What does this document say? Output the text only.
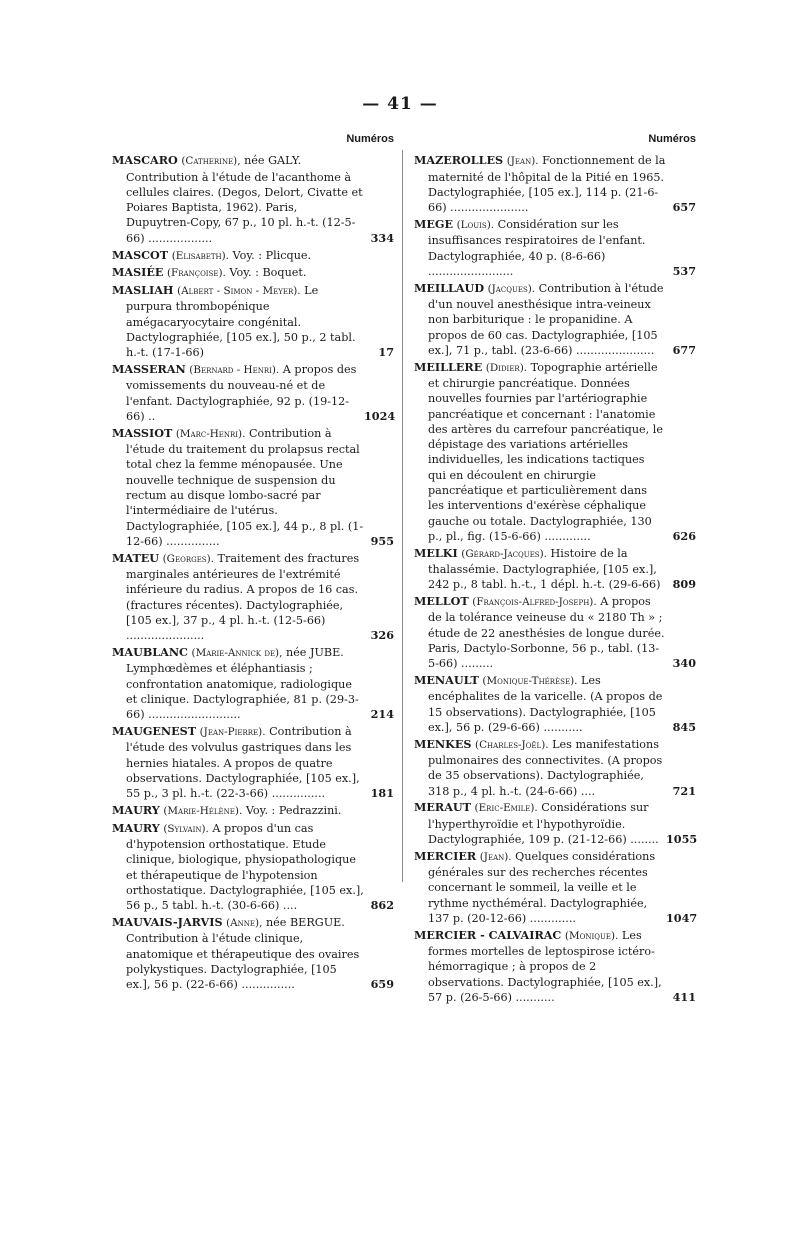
— 41 —
Numéros
MASCARO (Catherine), née GALY. Contribution à l'étude de l'acanthome à cellules claires. (Degos, Delort, Civatte et Poiares Baptista, 1962). Paris, Dupuytren-Copy, 67 p., 10 pl. h.-t. (12-5-66) ..................	334
MASCOT (Elisabeth). Voy. : Plicque.
MASIÉE (Françoise). Voy. : Boquet.
MASLIAH (Albert - Simon - Meyer). Le purpura thrombopénique amégacaryocytaire congénital. Dactylographiée, [105 ex.], 50 p., 2 tabl. h.-t. (17-1-66)	17
MASSERAN (Bernard - Henri). A propos des vomissements du nouveau-né et de l'enfant. Dactylographiée, 92 p. (19-12-66) ..	1024
MASSIOT (Marc-Henri). Contribution à l'étude du traitement du prolapsus rectal total chez la femme ménopausée. Une nouvelle technique de suspension du rectum au disque lombo-sacré par l'intermédiaire de l'utérus. Dactylographiée, [105 ex.], 44 p., 8 pl. (1-12-66) ...............	955
MATEU (Georges). Traitement des fractures marginales antérieures de l'extrémité inférieure du radius. A propos de 16 cas. (fractures récentes). Dactylographiée, [105 ex.], 37 p., 4 pl. h.-t. (12-5-66) ......................	326
MAUBLANC (Marie-Annick de), née JUBE. Lymphœdèmes et éléphantiasis ; confrontation anatomique, radiologique et clinique. Dactylographiée, 81 p. (29-3-66) ..........................	214
MAUGENEST (Jean-Pierre). Contribution à l'étude des volvulus gastriques dans les hernies hiatales. A propos de quatre observations. Dactylographiée, [105 ex.], 55 p., 3 pl. h.-t. (22-3-66) ...............	181
MAURY (Marie-Hélène). Voy. : Pedrazzini.
MAURY (Sylvain). A propos d'un cas d'hypotension orthostatique. Etude clinique, biologique, physiopathologique et thérapeutique de l'hypotension orthostatique. Dactylographiée, [105 ex.], 56 p., 5 tabl. h.-t. (30-6-66) ....	862
MAUVAIS-JARVIS (Anne), née BERGUE. Contribution à l'étude clinique, anatomique et thérapeutique des ovaires polykystiques. Dactylographiée, [105 ex.], 56 p. (22-6-66) ...............	659
Numéros
MAZEROLLES (Jean). Fonctionnement de la maternité de l'hôpital de la Pitié en 1965. Dactylographiée, [105 ex.], 114 p. (21-6-66) ......................	657
MEGE (Louis). Considération sur les insuffisances respiratoires de l'enfant. Dactylographiée, 40 p. (8-6-66) ........................	537
MEILLAUD (Jacques). Contribution à l'étude d'un nouvel anesthésique intra-veineux non barbiturique : le propanidine. A propos de 60 cas. Dactylographiée, [105 ex.], 71 p., tabl. (23-6-66) ......................	677
MEILLERE (Didier). Topographie artérielle et chirurgie pancréatique. Données nouvelles fournies par l'artériographie pancréatique et concernant : l'anatomie des artères du carrefour pancréatique, le dépistage des variations artérielles individuelles, les indications tactiques qui en découlent en chirurgie pancréatique et particulièrement dans les interventions d'exérèse céphalique gauche ou totale. Dactylographiée, 130 p., pl., fig. (15-6-66) .............	626
MELKI (Gérard-Jacques). Histoire de la thalassémie. Dactylographiée, [105 ex.], 242 p., 8 tabl. h.-t., 1 dépl. h.-t. (29-6-66)	809
MELLOT (François-Alfred-Joseph). A propos de la tolérance veineuse du « 2180 Th » ; étude de 22 anesthésies de longue durée. Paris, Dactylo-Sorbonne, 56 p., tabl. (13-5-66) .........	340
MENAULT (Monique-Thérèse). Les encéphalites de la varicelle. (A propos de 15 observations). Dactylographiée, [105 ex.], 56 p. (29-6-66) ...........	845
MENKES (Charles-Joël). Les manifestations pulmonaires des connectivites. (A propos de 35 observations). Dactylographiée, 318 p., 4 pl. h.-t. (24-6-66) ....	721
MERAUT (Eric-Emile). Considérations sur l'hyperthyroïdie et l'hypothyroïdie. Dactylographiée, 109 p. (21-12-66) ........ 1055
MERCIER (Jean). Quelques considérations générales sur des recherches récentes concernant le sommeil, la veille et le rythme nycthéméral. Dactylographiée, 137 p. (20-12-66) .............	1047
MERCIER - CALVAIRAC (Monique). Les formes mortelles de leptospirose ictéro-hémorragique ; à propos de 2 observations. Dactylographiée, [105 ex.], 57 p. (26-5-66) ...........	411
